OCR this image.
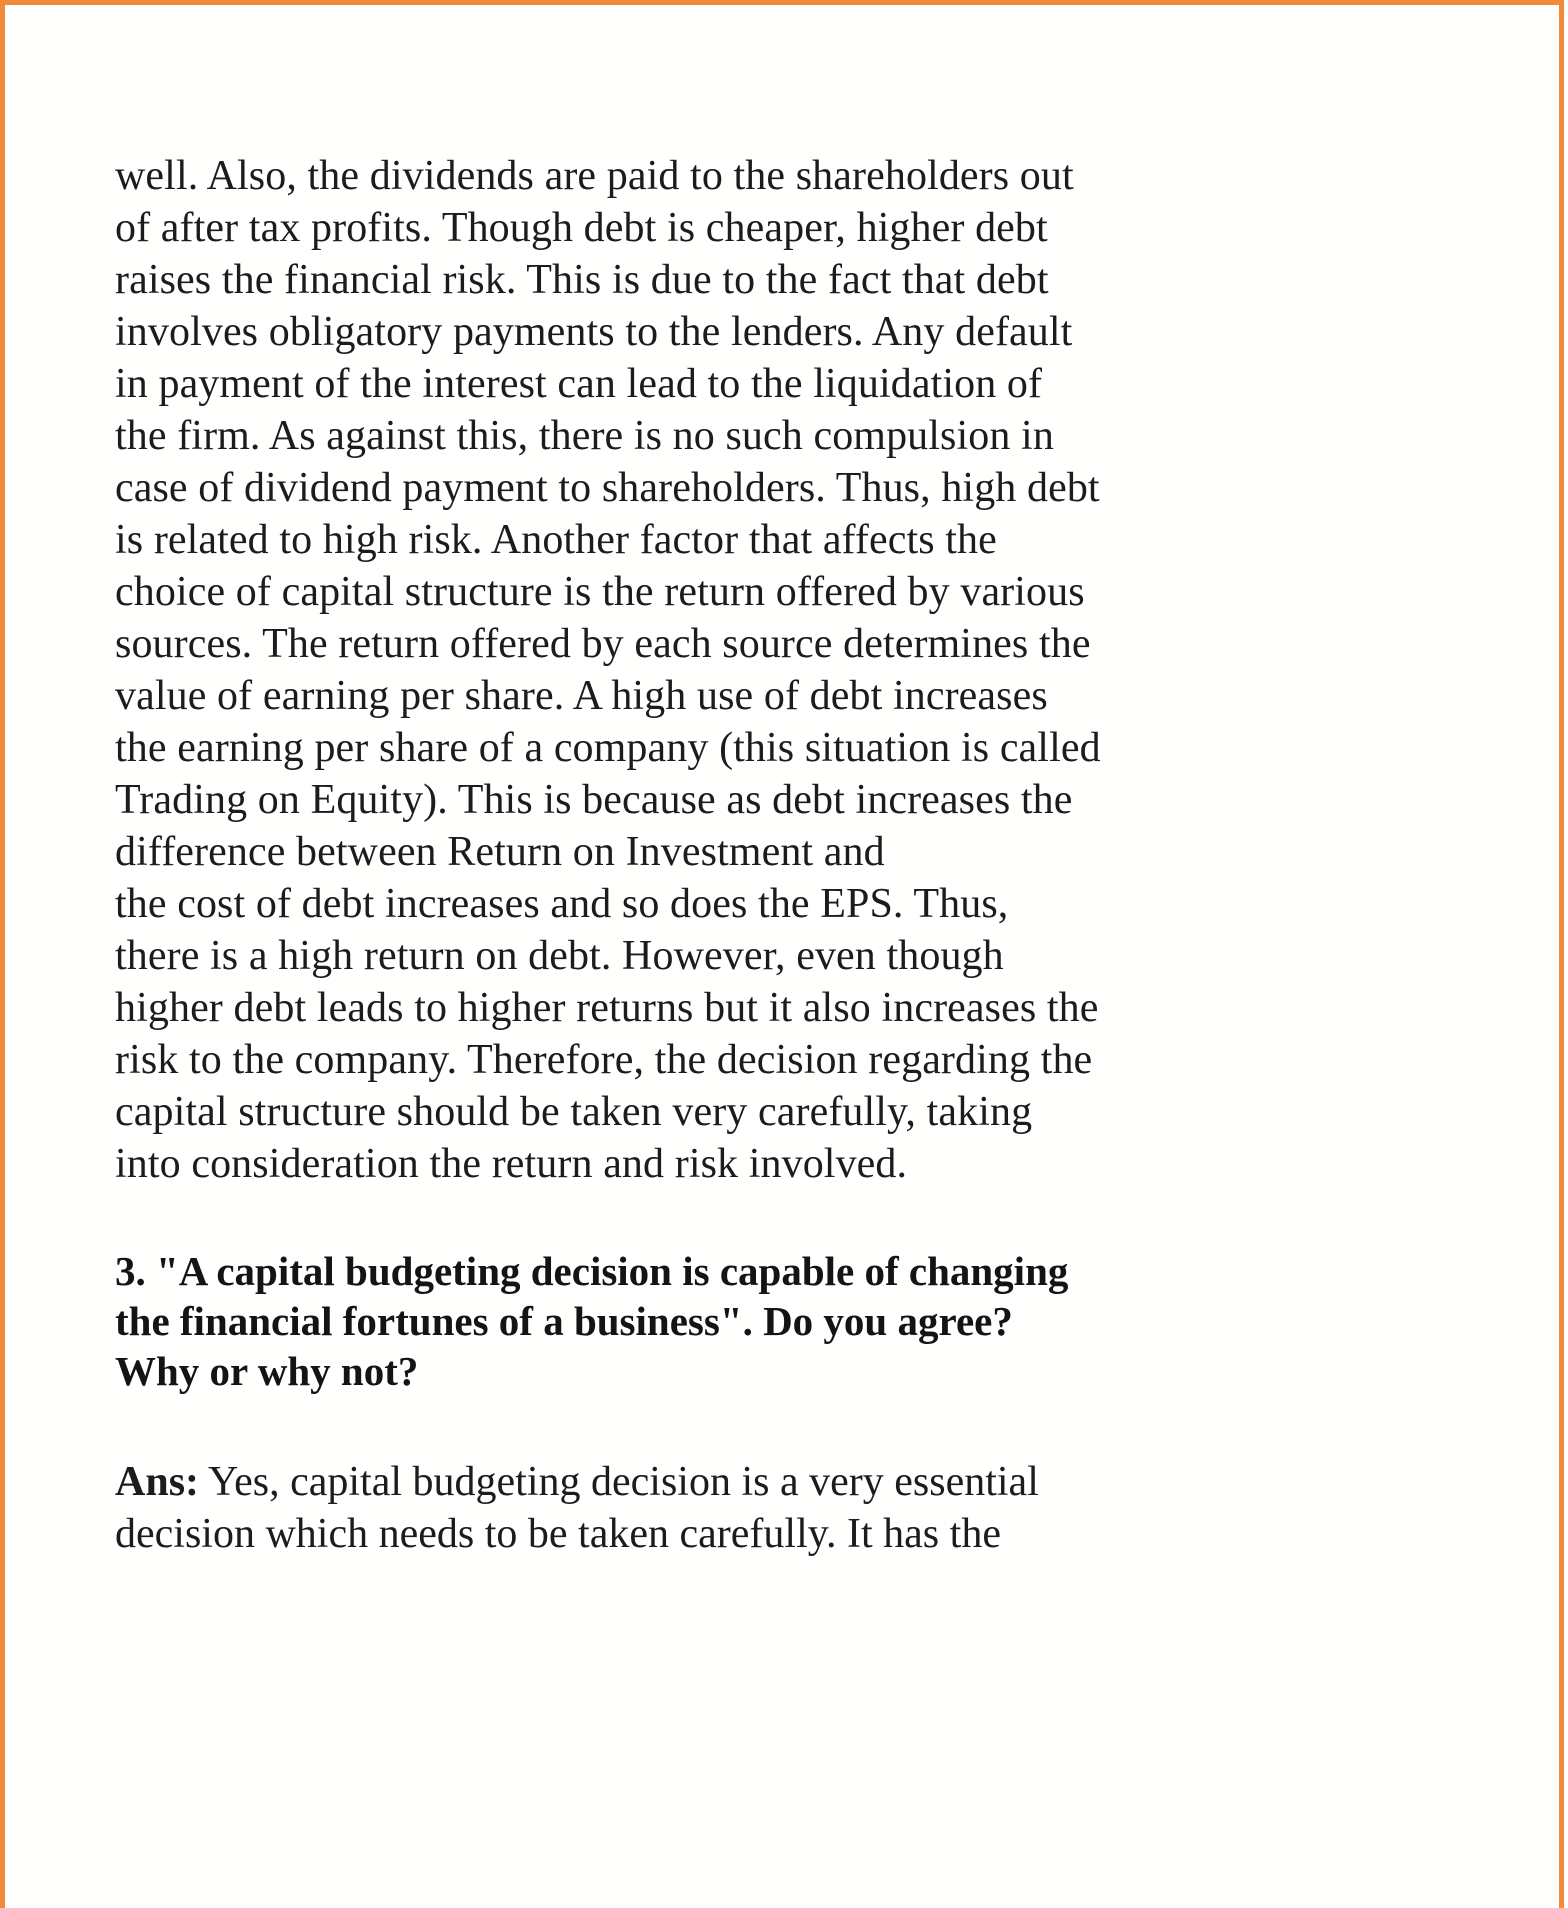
well. Also, the dividends are paid to the shareholders out
of after tax profits. Though debt is cheaper, higher debt
raises the financial risk. This is due to the fact that debt
involves obligatory payments to the lenders. Any default
in payment of the interest can lead to the liquidation of
the firm. As against this, there is no such compulsion in
case of dividend payment to shareholders. Thus, high debt
is related to high risk. Another factor that affects the
choice of capital structure is the return offered by various
sources. The return offered by each source determines the
value of earning per share. A high use of debt increases
the earning per share of a company (this situation is called
Trading on Equity). This is because as debt increases the
difference between Return on Investment and
the cost of debt increases and so does the EPS. Thus,
there is a high return on debt. However, even though
higher debt leads to higher returns but it also increases the
risk to the company. Therefore, the decision regarding the
capital structure should be taken very carefully, taking
into consideration the return and risk involved.
3. "A capital budgeting decision is capable of changing
the financial fortunes of a business". Do you agree?
Why or why not?
Ans: Yes, capital budgeting decision is a very essential
decision which needs to be taken carefully. It has the
